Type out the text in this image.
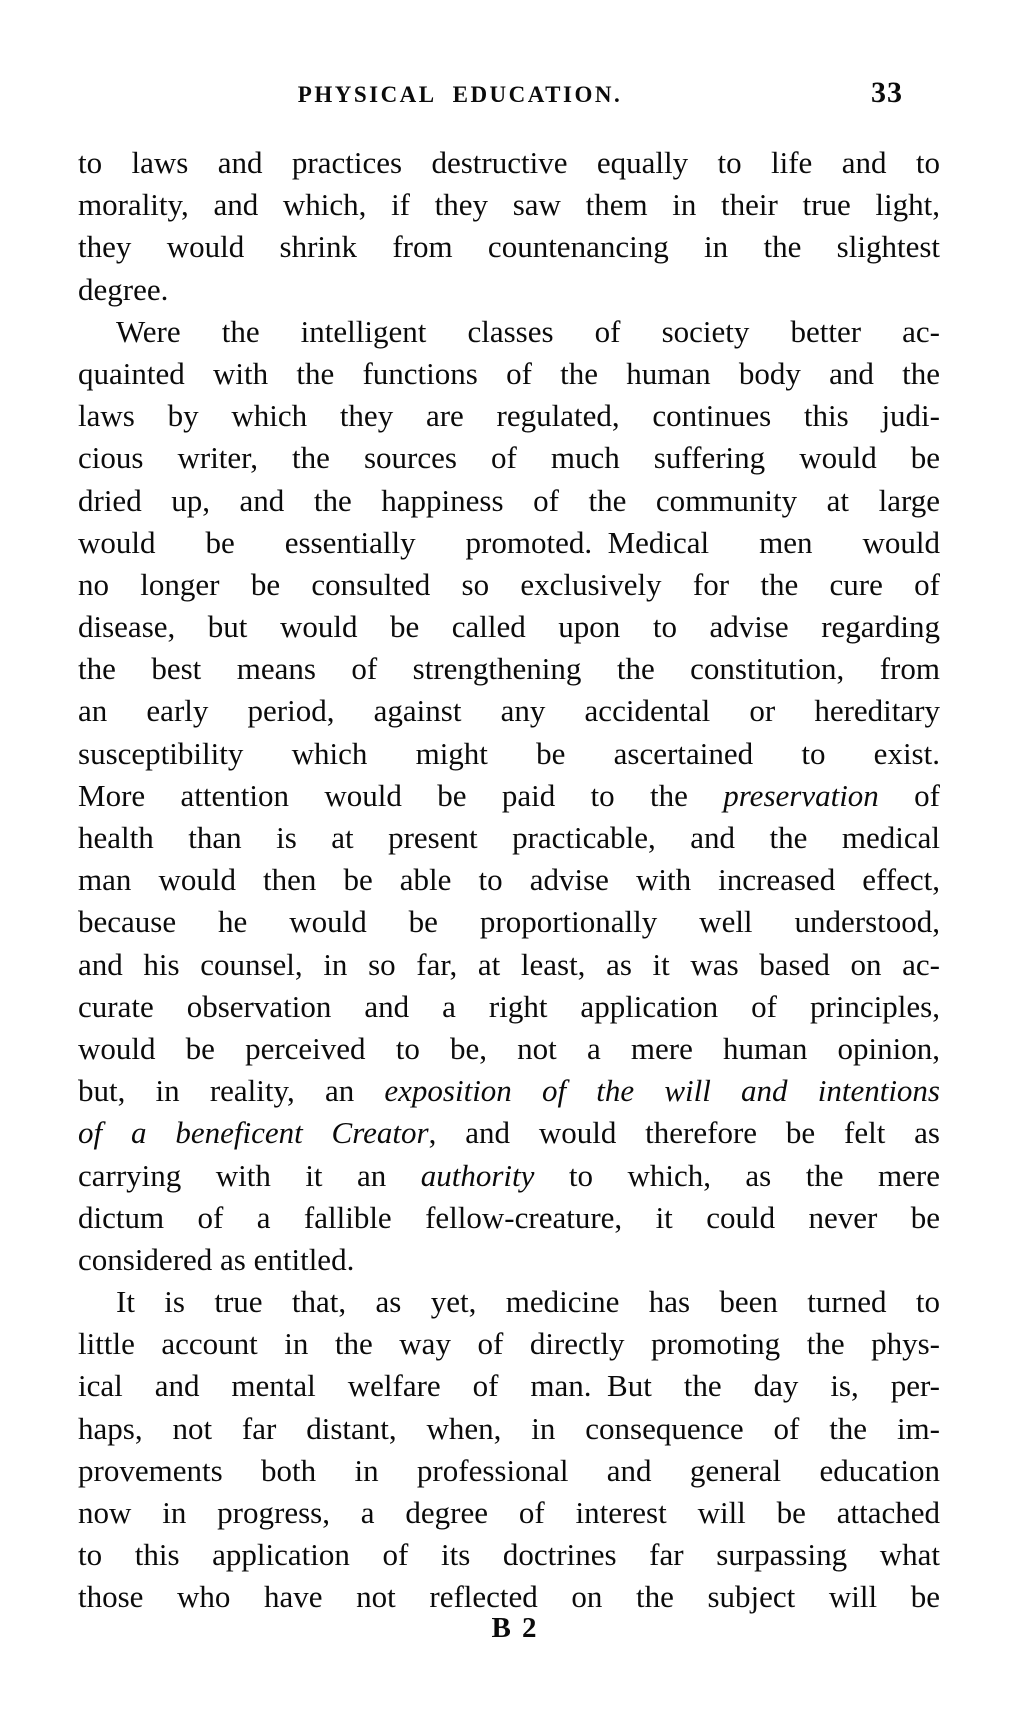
PHYSICAL EDUCATION.	33
to laws and practices destructive equally to life and to
morality, and which, if they saw them in their true light,
they would shrink from countenancing in the slightest
degree.
Were the intelligent classes of society better ac-
quainted with the functions of the human body and the
laws by which they are regulated, continues this judi-
cious writer, the sources of much suffering would be
dried up, and the happiness of the community at large
would be essentially promoted. Medical men would
no longer be consulted so exclusively for the cure of
disease, but would be called upon to advise regarding
the best means of strengthening the constitution, from
an early period, against any accidental or hereditary
susceptibility which might be ascertained to exist.
More attention would be paid to the preservation of
health than is at present practicable, and the medical
man would then be able to advise with increased effect,
because he would be proportionally well understood,
and his counsel, in so far, at least, as it was based on ac-
curate observation and a right application of principles,
would be perceived to be, not a mere human opinion,
but, in reality, an exposition of the will and intentions
of a beneficent Creator, and would therefore be felt as
carrying with it an authority to which, as the mere
dictum of a fallible fellow-creature, it could never be
considered as entitled.
It is true that, as yet, medicine has been turned to
little account in the way of directly promoting the phys-
ical and mental welfare of man. But the day is, per-
haps, not far distant, when, in consequence of the im-
provements both in professional and general education
now in progress, a degree of interest will be attached
to this application of its doctrines far surpassing what
those who have not reflected on the subject will be
B 2
